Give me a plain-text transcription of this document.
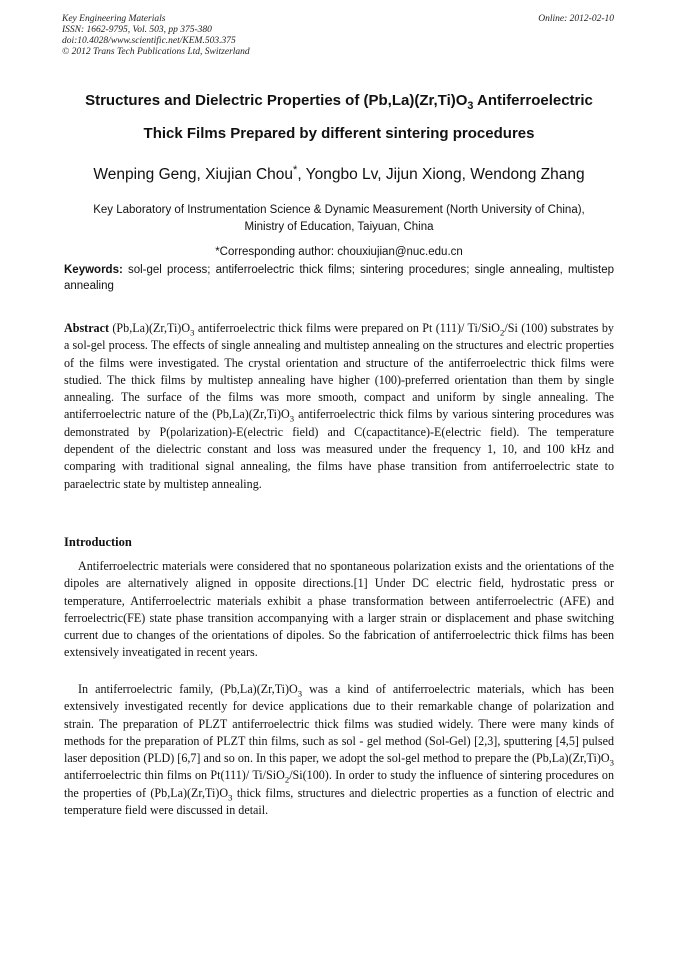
Key Engineering Materials
ISSN: 1662-9795, Vol. 503, pp 375-380
doi:10.4028/www.scientific.net/KEM.503.375
© 2012 Trans Tech Publications Ltd, Switzerland
Online: 2012-02-10
Structures and Dielectric Properties of $(Pb,La)(Zr,Ti)O_3$ Antiferroelectric
Thick Films Prepared by different sintering procedures
Wenping Geng, Xiujian Chou*, Yongbo Lv, Jijun Xiong, Wendong Zhang
Key Laboratory of Instrumentation Science & Dynamic Measurement (North University of China),
Ministry of Education, Taiyuan, China
*Corresponding author: chouxiujian@nuc.edu.cn
Keywords: sol-gel process; antiferroelectric thick films; sintering procedures; single annealing, multistep annealing
Abstract $(Pb,La)(Zr,Ti)O_3$ antiferroelectric thick films were prepared on Pt (111)/ Ti/SiO$_2$/Si (100) substrates by a sol-gel process. The effects of single annealing and multistep annealing on the structures and electric properties of the films were investigated. The crystal orientation and structure of the antiferroelectric thick films were studied. The thick films by multistep annealing have higher (100)-preferred orientation than them by single annealing. The surface of the films was more smooth, compact and uniform by single annealing. The antiferroelectric nature of the $(Pb,La)(Zr,Ti)O_3$ antiferroelectric thick films by various sintering procedures was demonstrated by P(polarization)-E(electric field) and C(capactitance)-E(electric field). The temperature dependent of the dielectric constant and loss was measured under the frequency 1, 10, and 100 kHz and comparing with traditional signal annealing, the films have phase transition from antiferroelectric state to paraelectric state by multistep annealing.
Introduction

Antiferroelectric materials were considered that no spontaneous polarization exists and the orientations of the dipoles are alternatively aligned in opposite directions.[1] Under DC electric field, hydrostatic press or temperature, Antiferroelectric materials exhibit a phase transformation between antiferroelectric (AFE) and ferroelectric(FE) state phase transition accompanying with a larger strain or displacement and phase switching current due to changes of the orientations of dipoles. So the fabrication of antiferroelectric thick films has been extensively inveatigated in recent years.

In antiferroelectric family, $(Pb,La)(Zr,Ti)O_3$ was a kind of antiferroelectric materials, which has been extensively investigated recently for device applications due to their remarkable change of polarization and strain. The preparation of PLZT antiferroelectric thick films was studied widely. There were many kinds of methods for the preparation of PLZT thin films, such as sol - gel method (Sol-Gel) [2,3], sputtering [4,5] pulsed laser deposition (PLD) [6,7] and so on. In this paper, we adopt the sol-gel method to prepare the $(Pb,La)(Zr,Ti)O_3$ antiferroelectric thin films on Pt(111)/ Ti/SiO$_2$/Si(100). In order to study the influence of sintering procedures on the properties of $(Pb,La)(Zr,Ti)O_3$ thick films, structures and dielectric properties as a function of electric and temperature field were discussed in detail.
